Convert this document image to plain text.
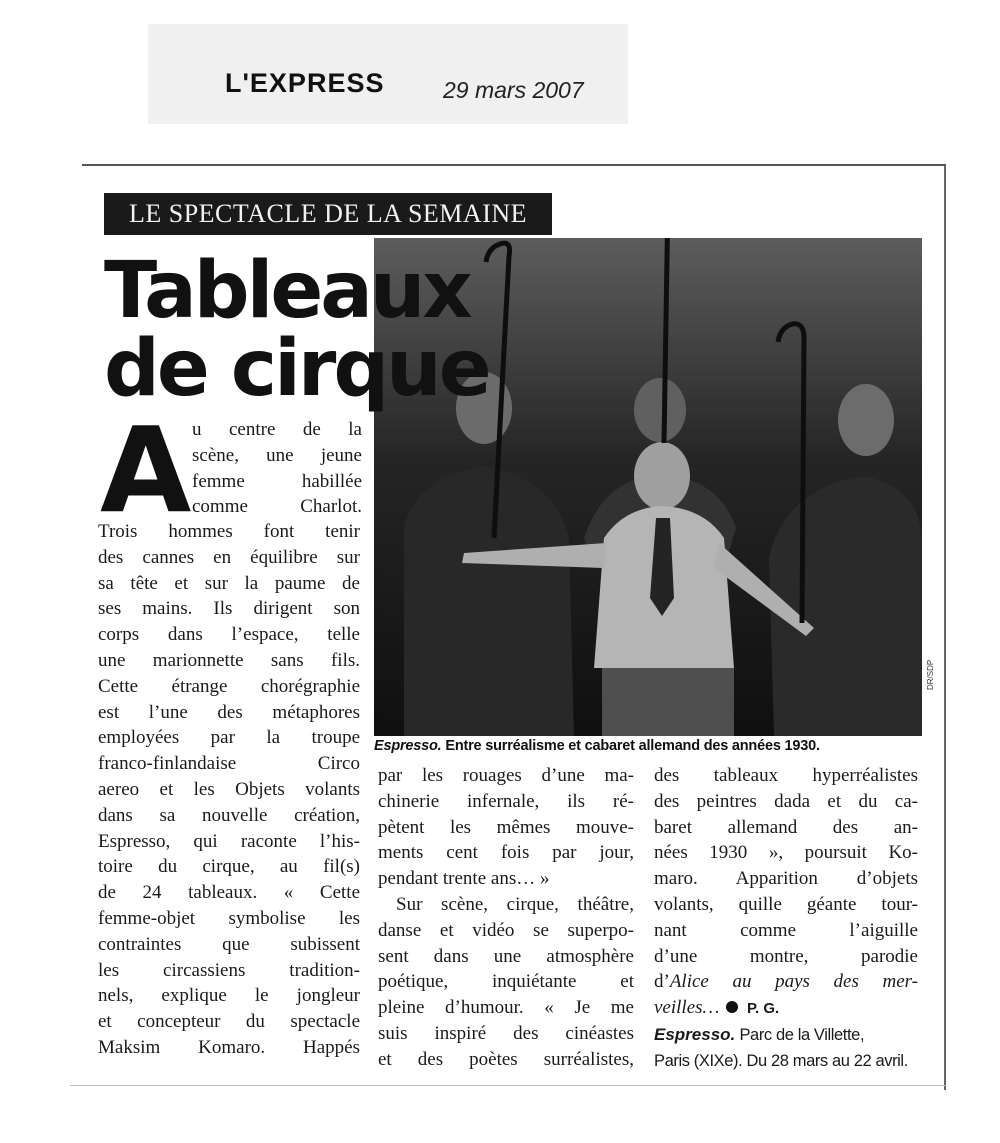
L'EXPRESS	29 mars 2007
LE SPECTACLE DE LA SEMAINE
DR/SDP
Tableaux
de cirque
Espresso. Entre surréalisme et cabaret allemand des années 1930.
A u centre de la
scène, une jeune
femme habillée
comme Charlot.
Trois hommes font tenir
des cannes en équilibre sur
sa tête et sur la paume de
ses mains. Ils dirigent son
corps dans l’espace, telle
une marionnette sans fils.
Cette étrange chorégraphie
est l’une des métaphores
employées par la troupe
franco-finlandaise Circo
aereo et les Objets volants
dans sa nouvelle création,
Espresso, qui raconte l’his-
toire du cirque, au fil(s)
de 24 tableaux. « Cette
femme-objet symbolise les
contraintes que subissent
les circassiens tradition-
nels, explique le jongleur
et concepteur du spectacle
Maksim Komaro. Happés
par les rouages d’une ma-
chinerie infernale, ils ré-
pètent les mêmes mouve-
ments cent fois par jour,
pendant trente ans… »
Sur scène, cirque, théâtre,
danse et vidéo se superpo-
sent dans une atmosphère
poétique, inquiétante et
pleine d’humour. « Je me
suis inspiré des cinéastes
et des poètes surréalistes,
des tableaux hyperréalistes
des peintres dada et du ca-
baret allemand des an-
nées 1930 », poursuit Ko-
maro. Apparition d’objets
volants, quille géante tour-
nant comme l’aiguille
d’une montre, parodie
d’Alice au pays des mer-
veilles… P. G.
Espresso. Parc de la Villette,
Paris (XIXe). Du 28 mars au 22 avril.
